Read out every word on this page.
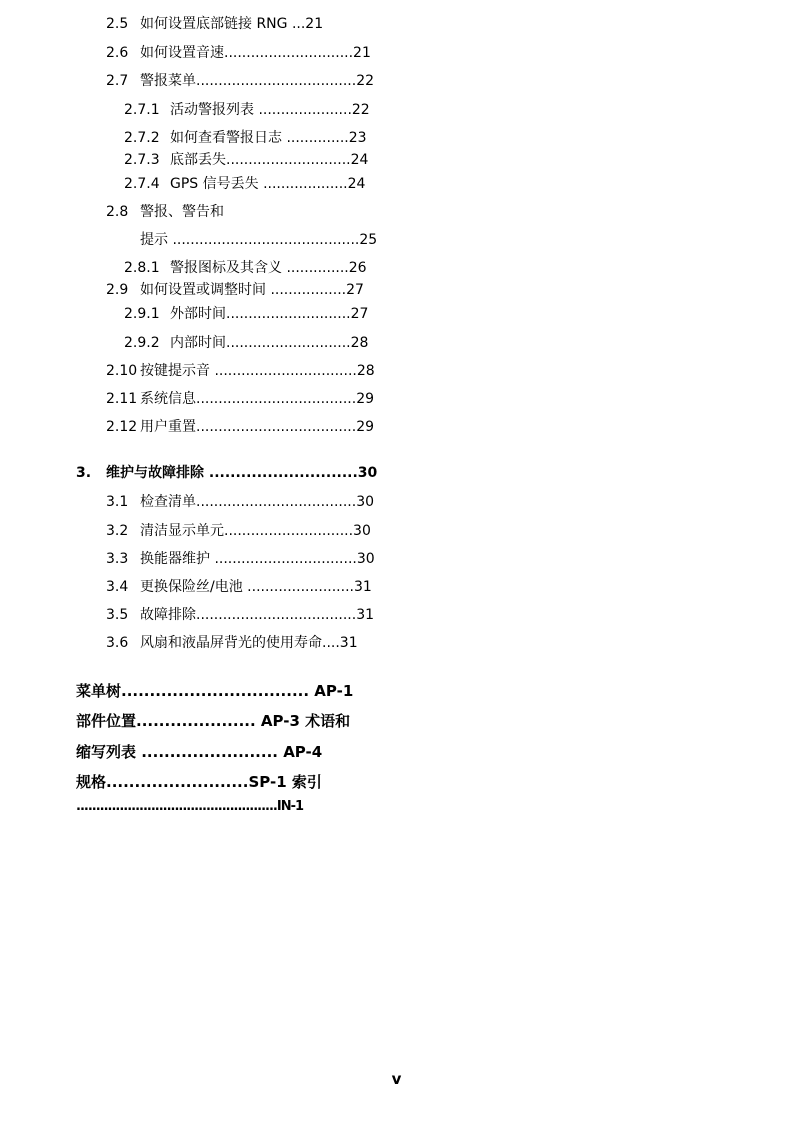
2.5 如何设置底部链接 RNG ...21
2.6 如何设置音速.............................21
2.7 警报菜单....................................22
2.7.1 活动警报列表 .....................22
2.7.2 如何查看警报日志 ..............23
2.7.3 底部丢失............................24
2.7.4 GPS 信号丢失 ...................24
2.8 警报、警告和
提示 ..........................................25
2.8.1 警报图标及其含义 ..............26
2.9 如何设置或调整时间 .................27
2.9.1 外部时间............................27
2.9.2 内部时间............................28
2.10 按键提示音 ................................28
2.11 系统信息....................................29
2.12 用户重置....................................29
3. 维护与故障排除 ............................30
3.1 检查清单....................................30
3.2 清洁显示单元.............................30
3.3 换能器维护 ................................30
3.4 更换保险丝/电池 ........................31
3.5 故障排除....................................31
3.6 风扇和液晶屏背光的使用寿命....31
菜单树................................. AP-1
部件位置..................... AP-3 术语和
缩写列表 ........................ AP-4
规格.........................SP-1 索引
...................................................IN-1
v
